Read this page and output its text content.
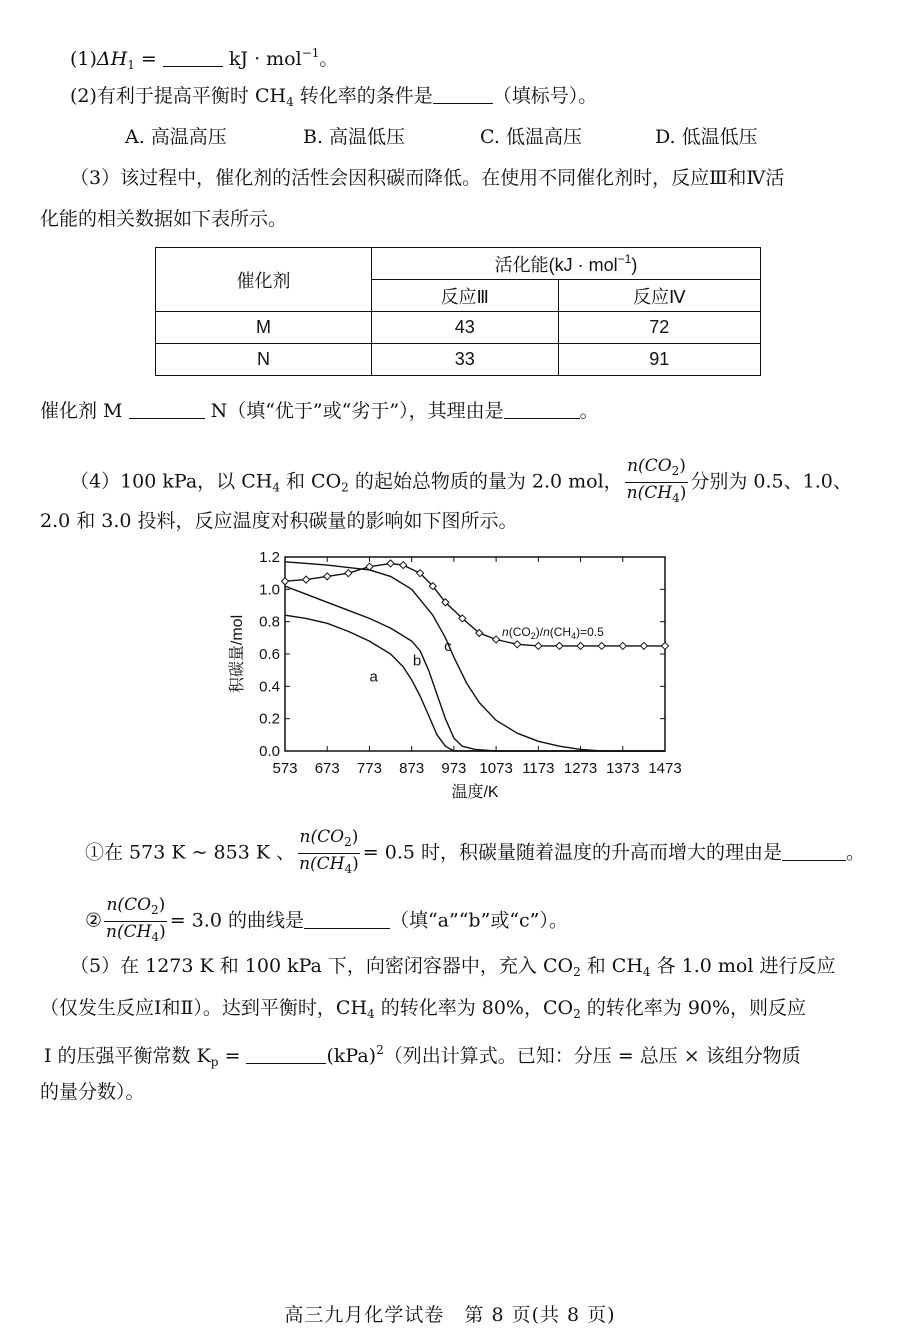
$(1)\Delta H_1$ =	kJ · mol$^{-1}$。
(2)有利于提高平衡时 $CH_4$ 转化率的条件是	（填标号）。
A. 高温高压	B. 高温低压	C. 低温高压	D. 低温低压
（3）该过程中，催化剂的活性会因积碳而降低。在使用不同催化剂时，反应Ⅲ和Ⅳ活
化能的相关数据如下表所示。
催化剂	活化能(kJ · mol$^{-1}$)	
	反应Ⅲ	反应Ⅳ
M	43	72
N	33	91
催化剂 M	N（填“优于”或“劣于”），其理由是	。
（4）100 kPa，以 $CH_4$ 和 $CO_2$ 的起始总物质的量为 2.0 mol， $\frac{n(CO_2)}{n(CH_4)}$ 分别为 0.5、1.0、
2.0 和 3.0 投料，反应温度对积碳量的影响如下图所示。
573 673 773 873 973 1073 1173 1273 1373 1473
0.0
0.2
0.4
0.6
0.8
1.0
1.2
温度/K
积碳量/mol	a
b
c
$n(CO_2)/n(CH_4)=0.5$
①在 573 K ~ 853 K 、 $\frac{n(CO_2)}{n(CH_4)} = 0.5$ 时，积碳量随着温度的升高而增大的理由是	。
② $\frac{n(CO_2)}{n(CH_4)} = 3.0$ 的曲线是	（填“a”“b”或“c”）。
（5）在 1273 K 和 100 kPa 下，向密闭容器中，充入 $CO_2$ 和 $CH_4$ 各 1.0 mol 进行反应
（仅发生反应Ⅰ和Ⅱ）。达到平衡时，$CH_4$ 的转化率为 80%，$CO_2$ 的转化率为 90%，则反应
Ⅰ 的压强平衡常数 $K_p$ =	(kPa)$^2$（列出计算式。已知：分压 = 总压 × 该组分物质
的量分数）。
高三九月化学试卷　第 8 页(共 8 页)
